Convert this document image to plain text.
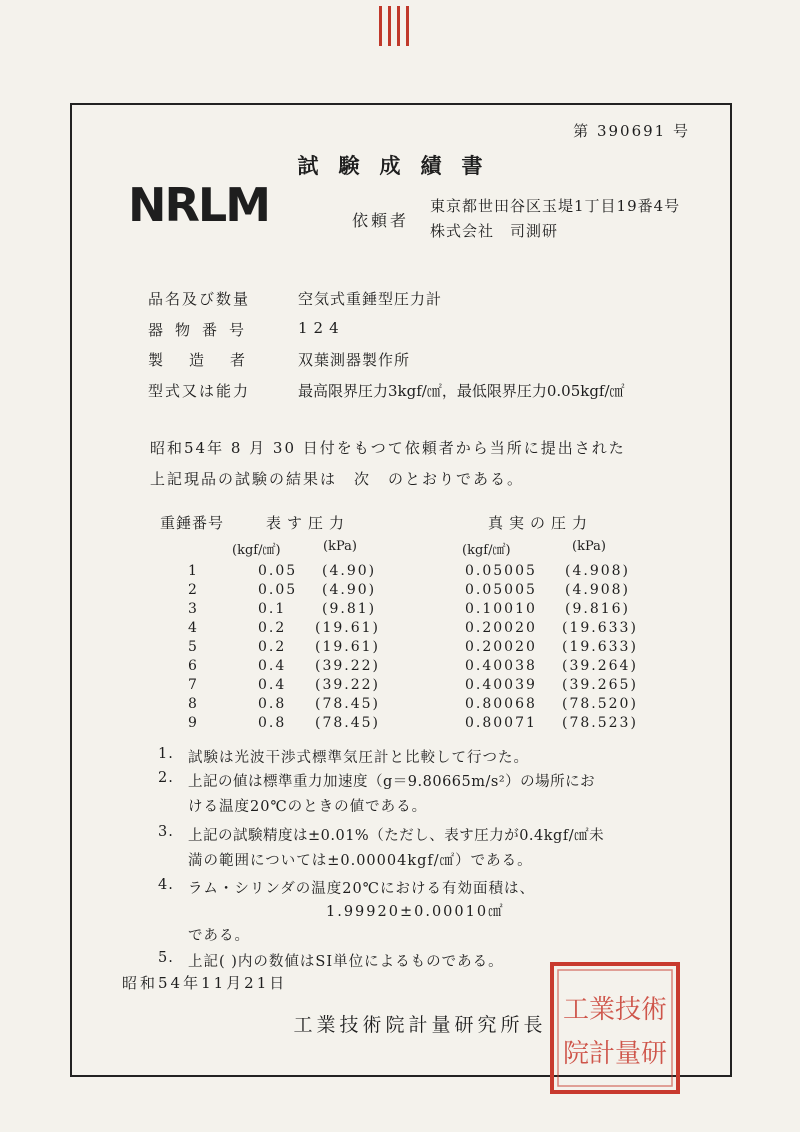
第 390691 号
試験成績書
NRLM	依頼者
東京都世田谷区玉堤1丁目19番4号
株式会社　司測研
品名及び数量	空気式重錘型圧力計
器物番号	124
製造者 双葉測器製作所
型式又は能力	最高限界圧力3kgf/㎠，最低限界圧力0.05kgf/㎠
昭和54年 8 月 30 日付をもつて依頼者から当所に提出された
上記現品の試験の結果は　次　のとおりである。
重錘番号	表す圧力	真実の圧力
(kgf/㎠)	(kPa)	(kgf/㎠)	(kPa)
1	0.05 (4.90)	0.05005 (4.908)
2	0.05 (4.90)	0.05005 (4.908)
3	0.1	(9.81)	0.10010 (9.816)
4	0.2 (19.61)	0.20020 (19.633)
5	0.2 (19.61)	0.20020 (19.633)
6	0.4 (39.22)	0.40038 (39.264)
7	0.4 (39.22)	0.40039 (39.265)
8	0.8 (78.45)	0.80068 (78.520)
9	0.8 (78.45)	0.80071 (78.523)
1. 試験は光波干渉式標準気圧計と比較して行つた。
2. 上記の値は標準重力加速度（g＝9.80665m/s²）の場所にお
ける温度20℃のときの値である。
3. 上記の試験精度は±0.01%（ただし、表す圧力が0.4kgf/㎠未
満の範囲については±0.00004kgf/㎠）である。
4. ラム・シリンダの温度20℃における有効面積は、
1.99920±0.00010㎠
である。
5. 上記( )内の数値はSI単位によるものである。
昭和54年11月21日
工業技術院計量研究所長 工業技術
院計量研
